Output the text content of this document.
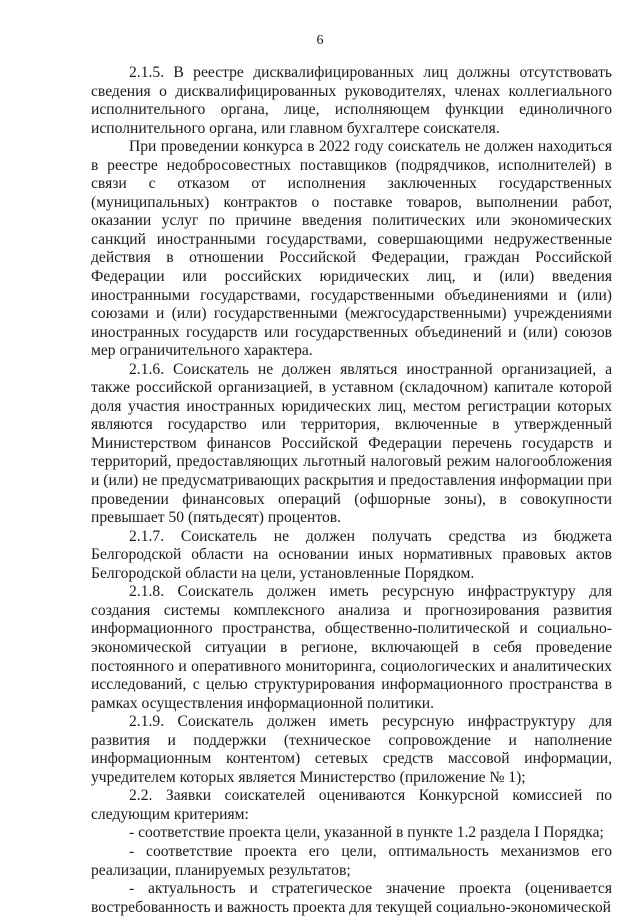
6

2.1.5. В реестре дисквалифицированных лиц должны отсутствовать сведения о дисквалифицированных руководителях, членах коллегиального исполнительного органа, лице, исполняющем функции единоличного исполнительного органа, или главном бухгалтере соискателя.

При проведении конкурса в 2022 году соискатель не должен находиться в реестре недобросовестных поставщиков (подрядчиков, исполнителей) в связи с отказом от исполнения заключенных государственных (муниципальных) контрактов о поставке товаров, выполнении работ, оказании услуг по причине введения политических или экономических санкций иностранными государствами, совершающими недружественные действия в отношении Российской Федерации, граждан Российской Федерации или российских юридических лиц, и (или) введения иностранными государствами, государственными объединениями и (или) союзами и (или) государственными (межгосударственными) учреждениями иностранных государств или государственных объединений и (или) союзов мер ограничительного характера.

2.1.6. Соискатель не должен являться иностранной организацией, а также российской организацией, в уставном (складочном) капитале которой доля участия иностранных юридических лиц, местом регистрации которых являются государство или территория, включенные в утвержденный Министерством финансов Российской Федерации перечень государств и территорий, предоставляющих льготный налоговый режим налогообложения и (или) не предусматривающих раскрытия и предоставления информации при проведении финансовых операций (офшорные зоны), в совокупности превышает 50 (пятьдесят) процентов.

2.1.7. Соискатель не должен получать средства из бюджета Белгородской области на основании иных нормативных правовых актов Белгородской области на цели, установленные Порядком.

2.1.8. Соискатель должен иметь ресурсную инфраструктуру для создания системы комплексного анализа и прогнозирования развития информационного пространства, общественно-политической и социально-экономической ситуации в регионе, включающей в себя проведение постоянного и оперативного мониторинга, социологических и аналитических исследований, с целью структурирования информационного пространства в рамках осуществления информационной политики.

2.1.9. Соискатель должен иметь ресурсную инфраструктуру для развития и поддержки (техническое сопровождение и наполнение информационным контентом) сетевых средств массовой информации, учредителем которых является Министерство (приложение № 1);

2.2. Заявки соискателей оцениваются Конкурсной комиссией по следующим критериям:

- соответствие проекта цели, указанной в пункте 1.2 раздела I Порядка;

- соответствие проекта его цели, оптимальность механизмов его реализации, планируемых результатов;

- актуальность и стратегическое значение проекта (оценивается востребованность и важность проекта для текущей социально-экономической
